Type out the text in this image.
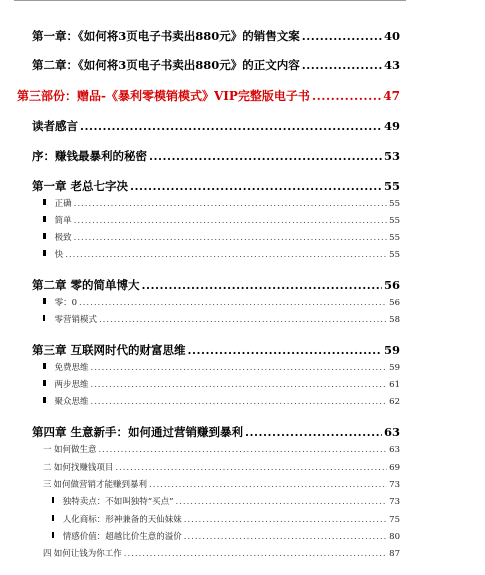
第一章：《如何将3页电子书卖出880元》的销售文案 .....	40
第二章：《如何将3页电子书卖出880元》的正文内容 .....	43
第三部份：赠品-《暴利零模销模式》VIP完整版电子书 .....	47
读者感言 .....	49
序：赚钱最暴利的秘密 .....	53
第一章 老总七字决 .....	55
正确 .....	55
简单 .....	55
极致 .....	55
快 .....	55
第二章 零的简单博大 .....	56
零：0 .....	56
零营销模式 .....	58
第三章 互联网时代的财富思维 .....	59
免费思维 .....	59
两步思维 .....	61
聚众思维 .....	62
第四章 生意新手：如何通过营销赚到暴利 .....	63
一 如何做生意 .....	63
二 如何找赚钱项目 .....	69
三 如何做营销才能赚到暴利 .....	73
独特卖点：不如叫独特“买点” .....	73
人化商标：形神兼备的天仙妹妹 .....	75
情感价值：超越比价生意的溢价 .....	80
四 如何让钱为你工作 .....	87
